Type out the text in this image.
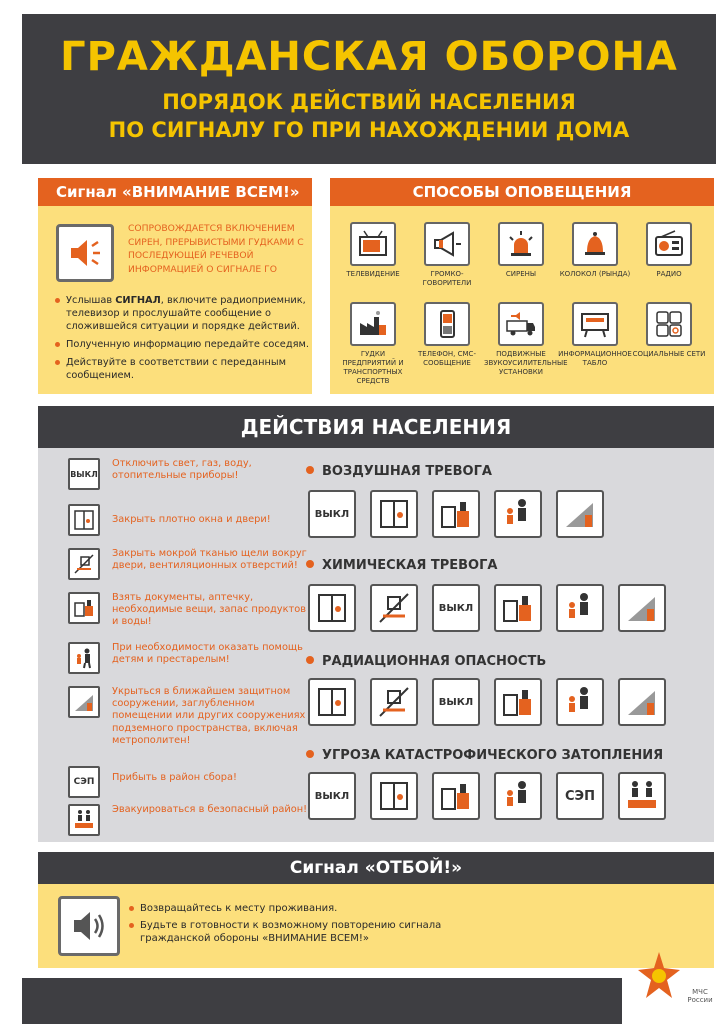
ГРАЖДАНСКАЯ ОБОРОНА
ПОРЯДОК ДЕЙСТВИЙ НАСЕЛЕНИЯ
ПО СИГНАЛУ ГО ПРИ НАХОЖДЕНИИ ДОМА
Сигнал «ВНИМАНИЕ ВСЕМ!»
СОПРОВОЖДАЕТСЯ ВКЛЮЧЕНИЕМ СИРЕН, ПРЕРЫВИСТЫМИ ГУДКАМИ С ПОСЛЕДУЮЩЕЙ РЕЧЕВОЙ ИНФОРМАЦИЕЙ О СИГНАЛЕ ГО
Услышав СИГНАЛ, включите радиоприемник, телевизор и прослушайте сообщение о сложившейся ситуации и порядке действий.
Полученную информацию передайте соседям.
Действуйте в соответствии с переданным сообщением.
СПОСОБЫ ОПОВЕЩЕНИЯ
ТЕЛЕВИДЕНИЕ	ГРОМКО-ГОВОРИТЕЛИ
СИРЕНЫ	КОЛОКОЛ (РЫНДА)	РАДИО
ГУДКИ ПРЕДПРИЯТИЙ И ТРАНСПОРТНЫХ СРЕДСТВ
ТЕЛЕФОН, СМС-СООБЩЕНИЕ
ПОДВИЖНЫЕ ЗВУКОУСИЛИТЕЛЬНЫЕ УСТАНОВКИ
ИНФОРМАЦИОННОЕ ТАБЛО
СОЦИАЛЬНЫЕ СЕТИ
ДЕЙСТВИЯ НАСЕЛЕНИЯ
ВЫКЛ
Отключить свет, газ, воду, отопительные приборы!
Закрыть плотно окна и двери!
Закрыть мокрой тканью щели вокруг двери, вентиляционных отверстий!
Взять документы, аптечку, необходимые вещи, запас продуктов и воды!
При необходимости оказать помощь детям и престарелым!
Укрыться в ближайшем защитном сооружении, заглубленном помещении или других сооружениях подземного пространства, включая метрополитен!
СЭП Прибыть в район сбора!
Эвакуироваться в безопасный район!
ВОЗДУШНАЯ ТРЕВОГА
ВЫКЛ
ХИМИЧЕСКАЯ ТРЕВОГА
ВЫКЛ
РАДИАЦИОННАЯ ОПАСНОСТЬ
ВЫКЛ
УГРОЗА КАТАСТРОФИЧЕСКОГО ЗАТОПЛЕНИЯ
ВЫКЛ	СЭП
Сигнал «ОТБОЙ!»
Возвращайтесь к месту проживания.
Будьте в готовности к возможному повторению сигнала
гражданской обороны «ВНИМАНИЕ ВСЕМ!»
МЧС России
